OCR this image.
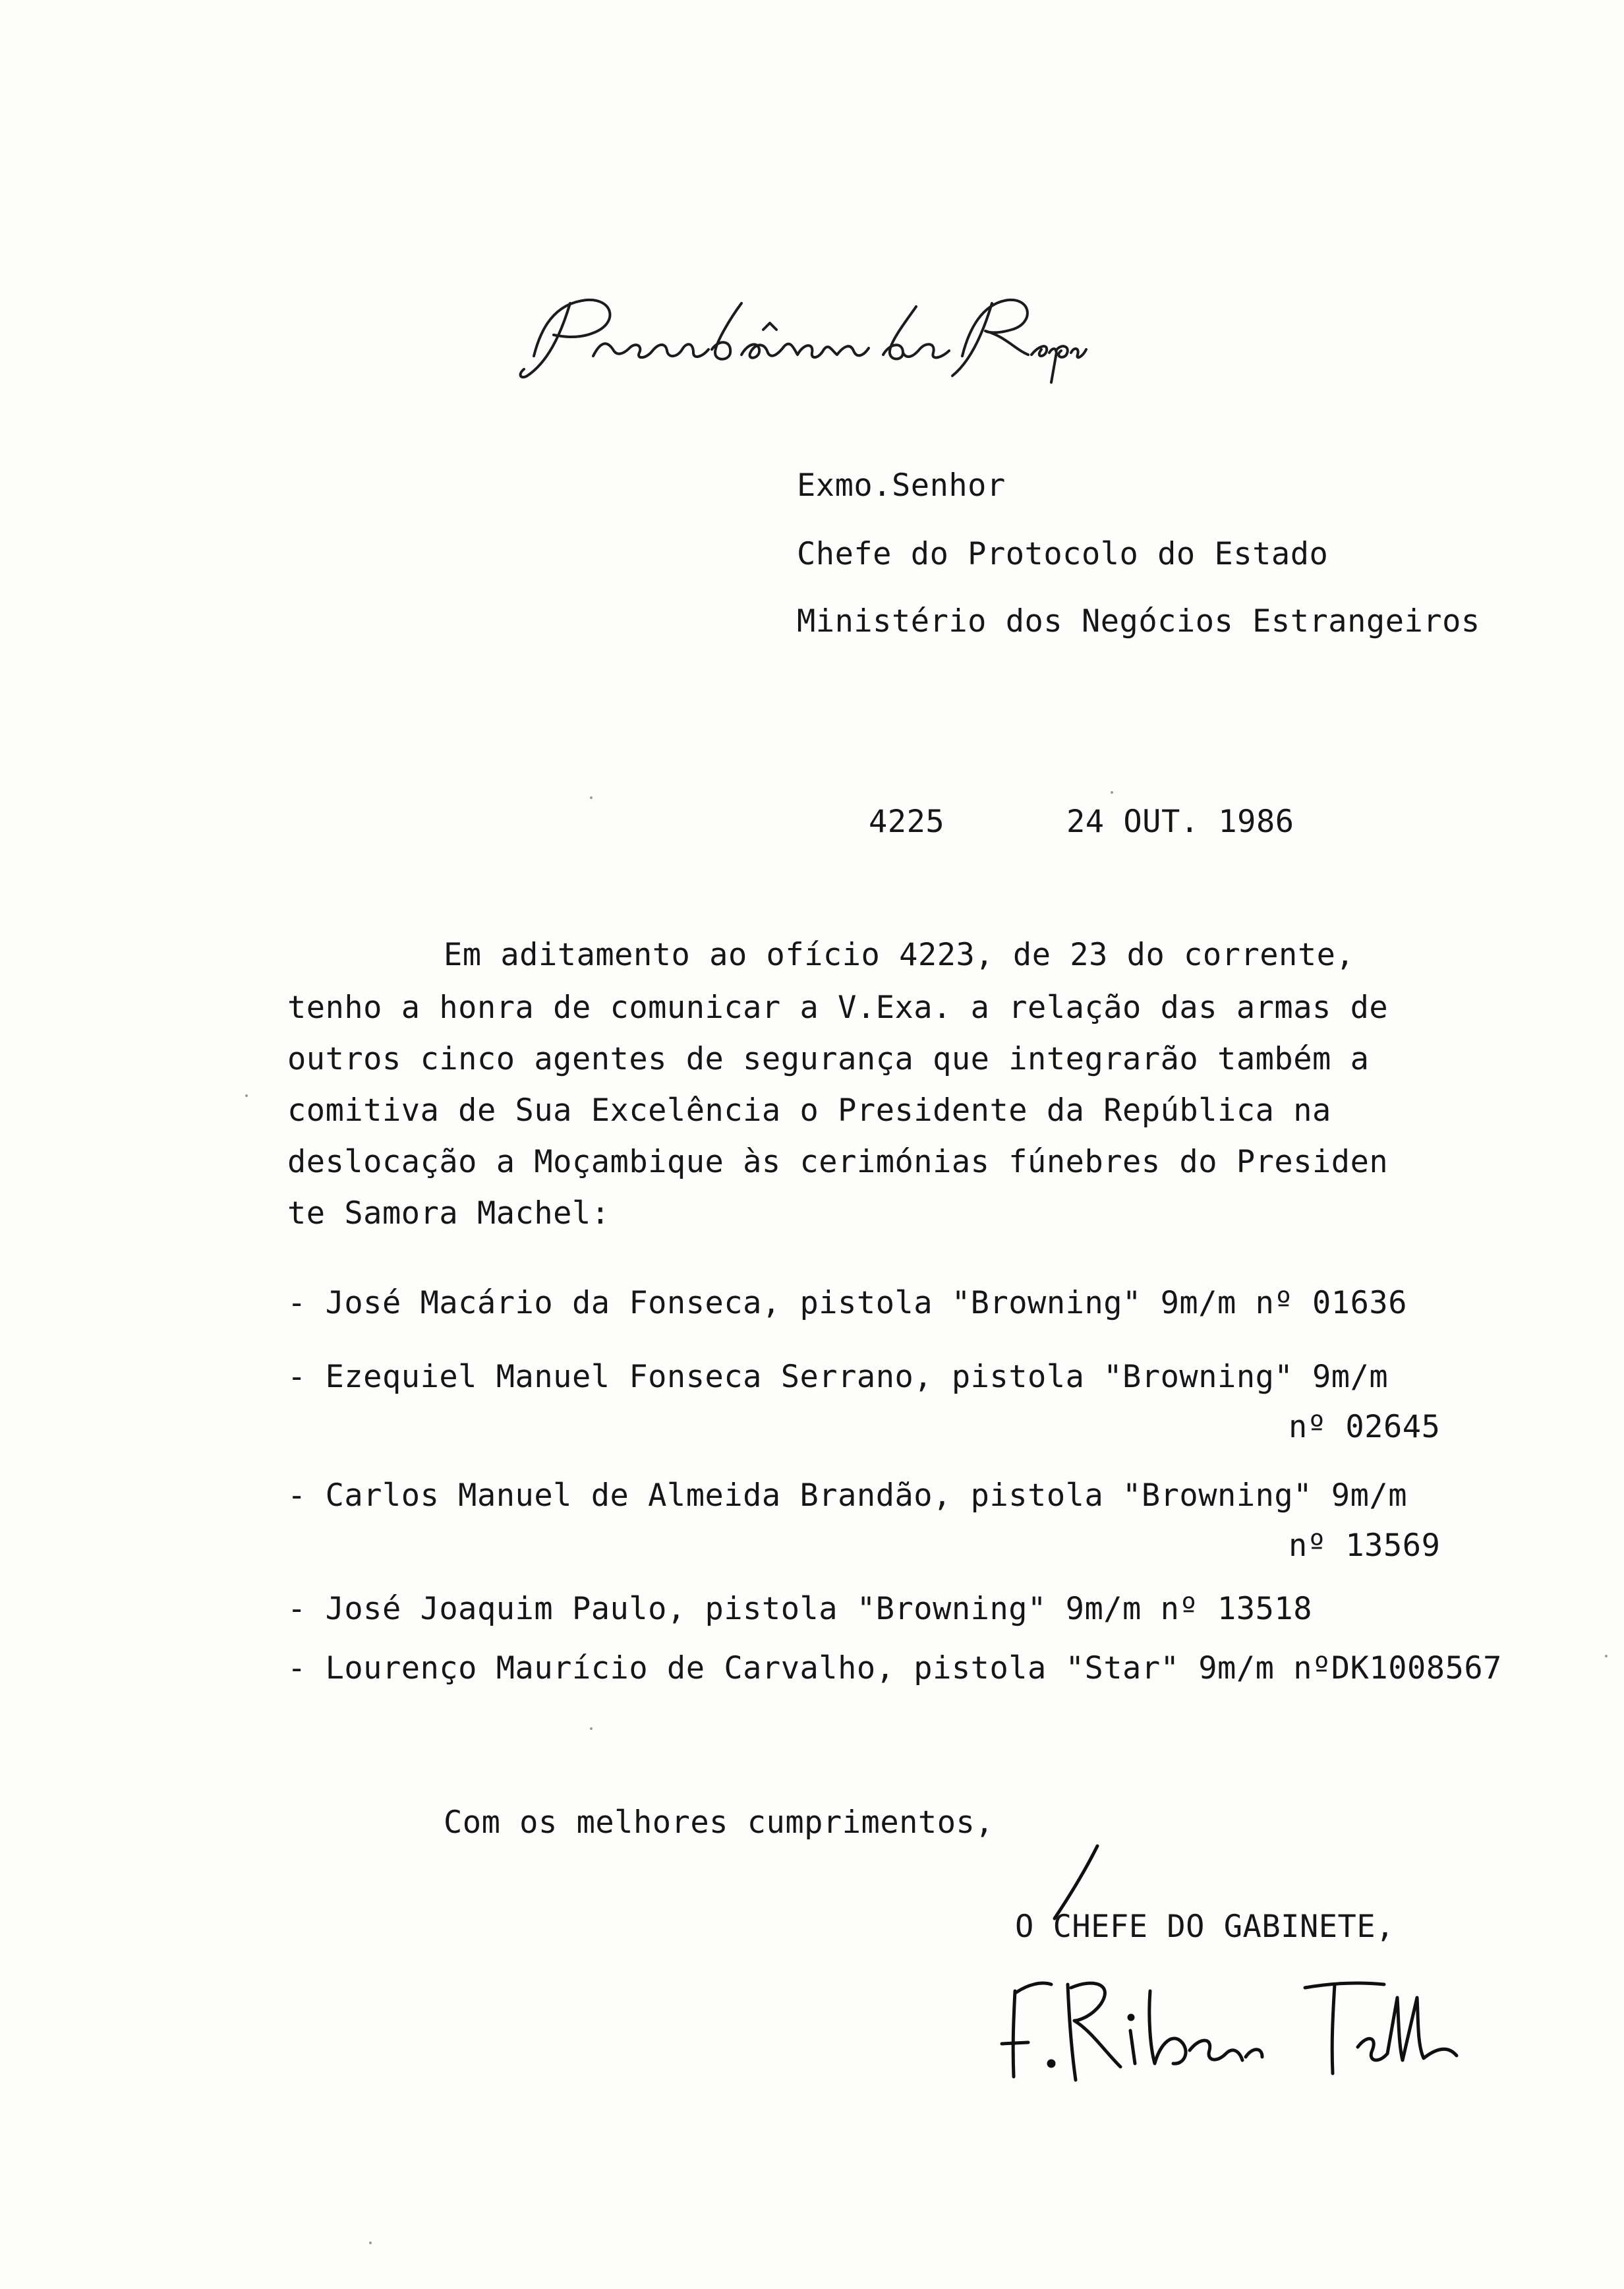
Exmo.Senhor
Chefe do Protocolo do Estado
Ministério dos Negócios Estrangeiros
4225	24 OUT. 1986
Em aditamento ao ofício 4223, de 23 do corrente,
tenho a honra de comunicar a V.Exa. a relação das armas de
outros cinco agentes de segurança que integrarão também a
comitiva de Sua Excelência o Presidente da República na
deslocação a Moçambique às cerimónias fúnebres do Presiden
te Samora Machel:
- José Macário da Fonseca, pistola "Browning" 9m/m nº 01636
- Ezequiel Manuel Fonseca Serrano, pistola "Browning" 9m/m
nº 02645
- Carlos Manuel de Almeida Brandão, pistola "Browning" 9m/m
nº 13569
- José Joaquim Paulo, pistola "Browning" 9m/m nº 13518
- Lourenço Maurício de Carvalho, pistola "Star" 9m/m nºDK1008567
Com os melhores cumprimentos,
O CHEFE DO GABINETE,
